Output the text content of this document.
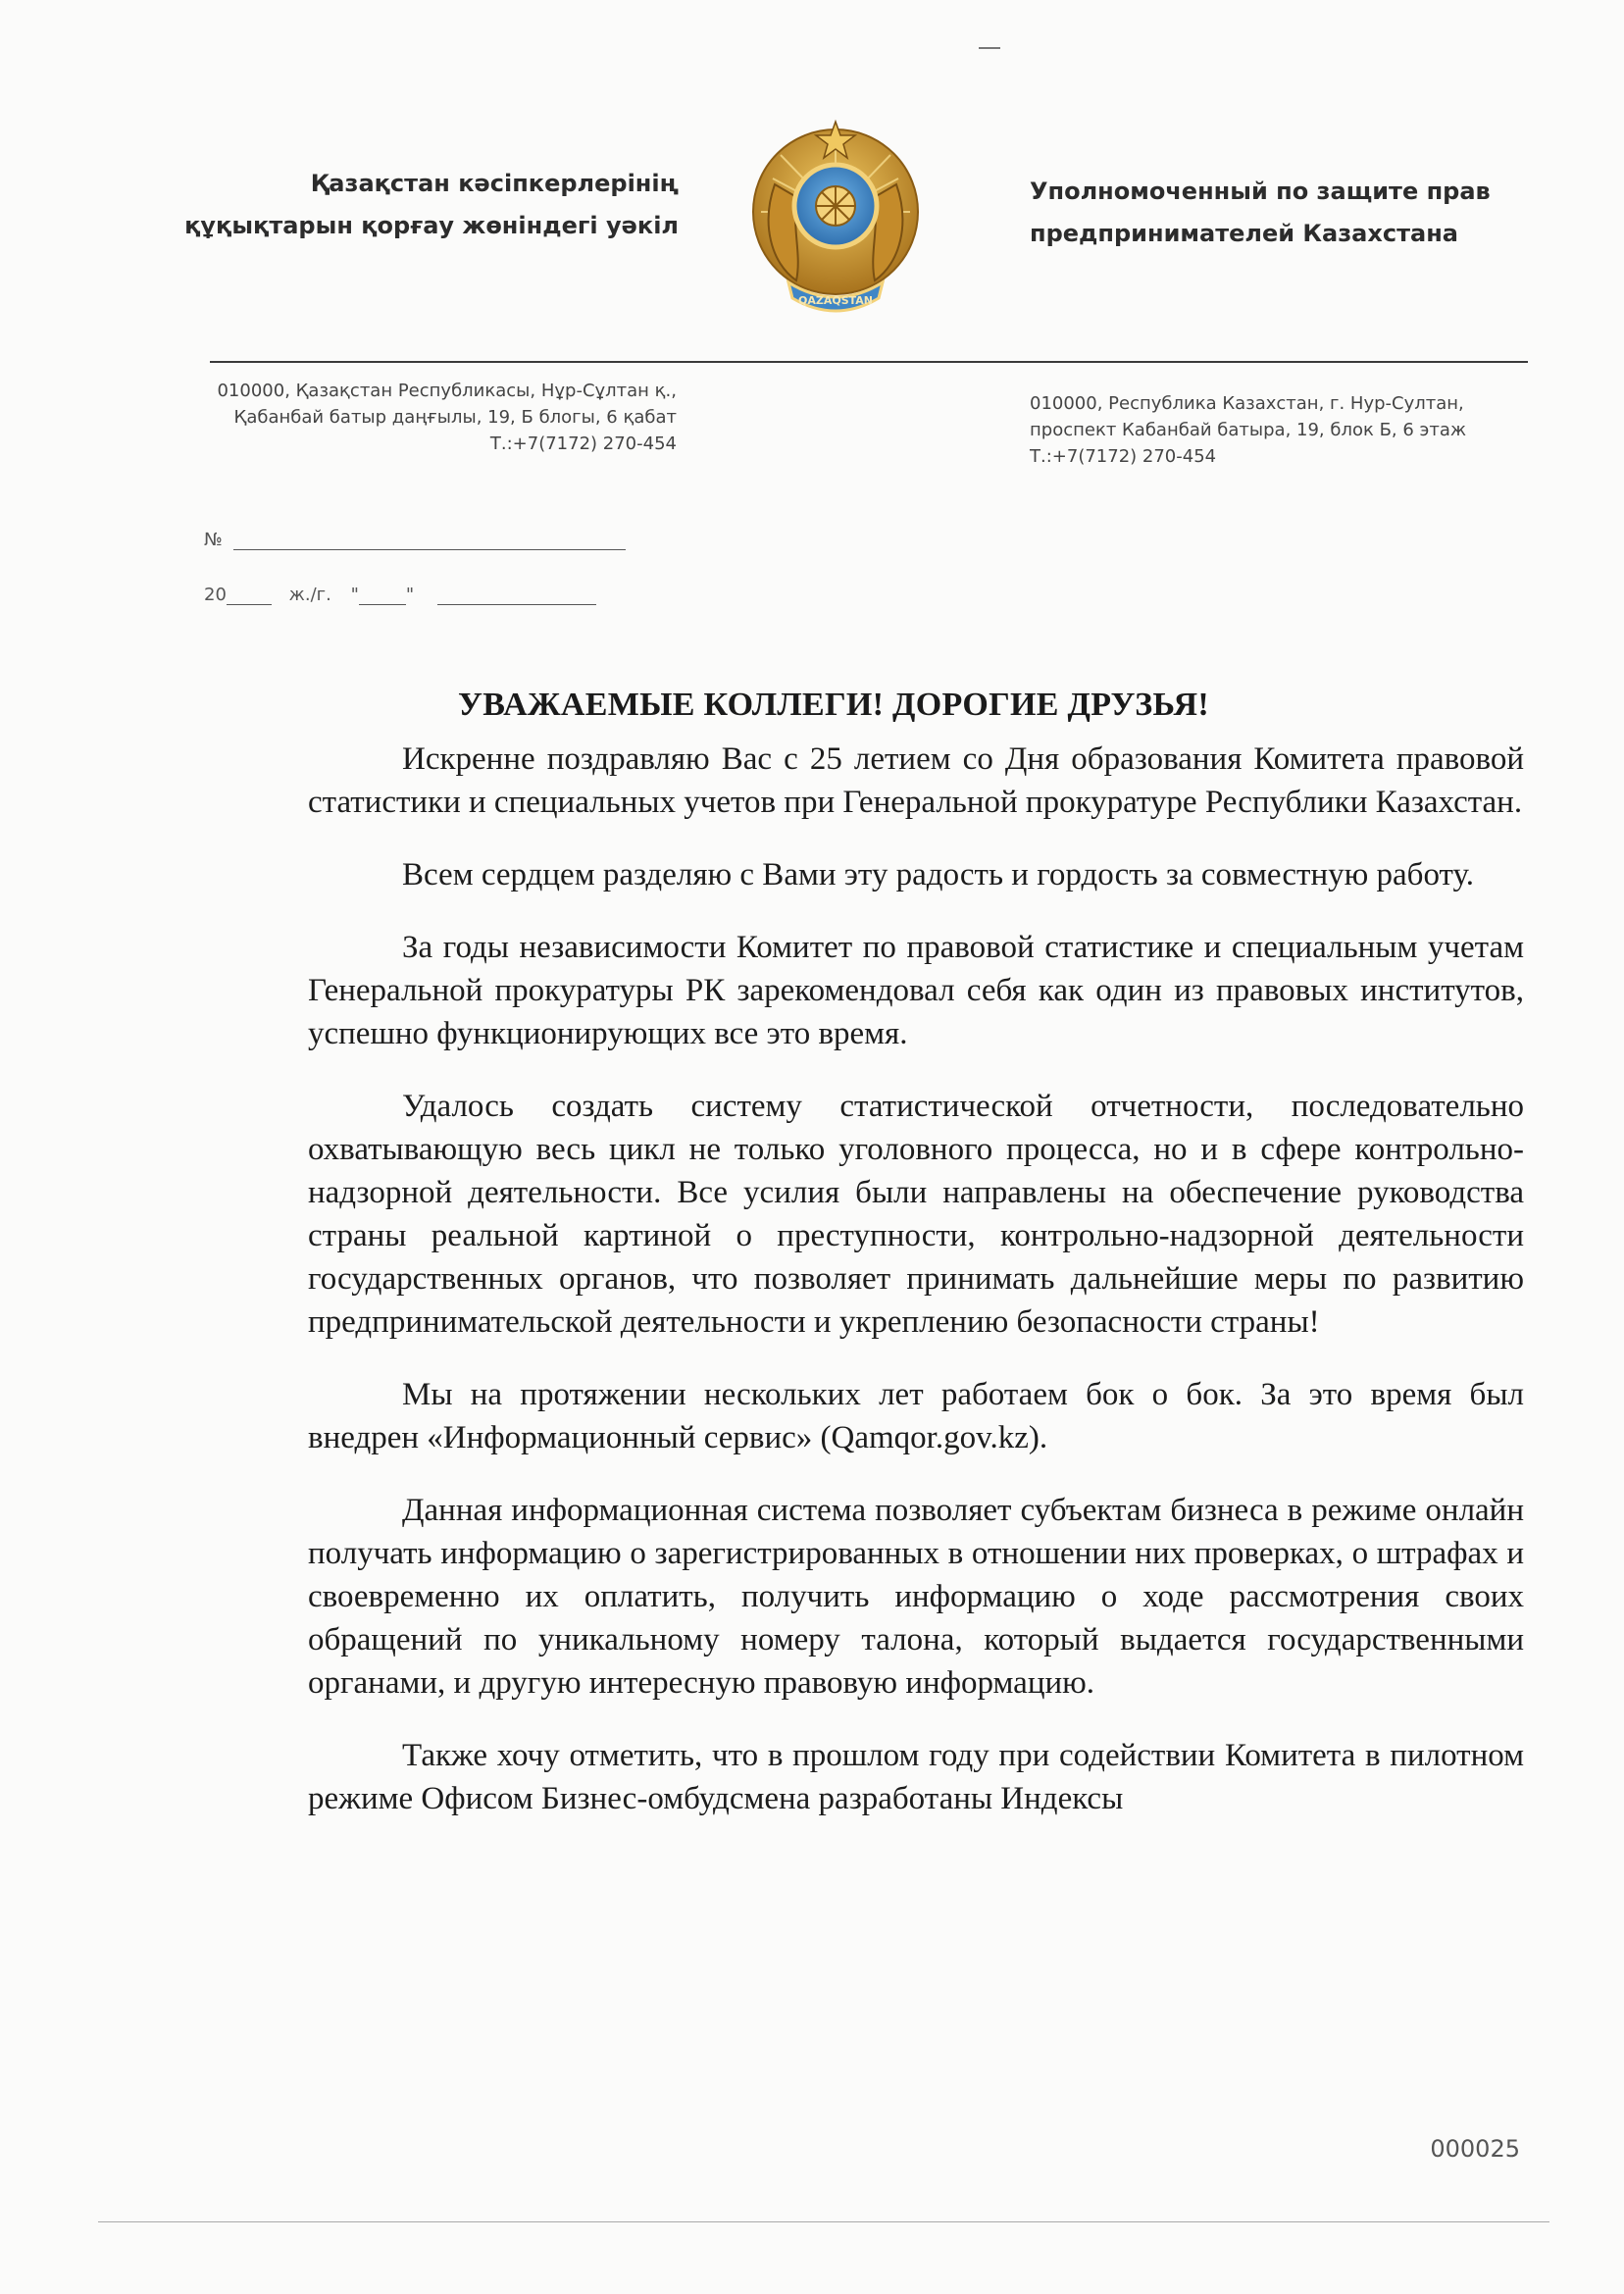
Қазақстан кәсіпкерлерінің
құқықтарын қорғау жөніндегі уәкіл
QAZAQSTAN
Уполномоченный по защите прав
предпринимателей Казахстана
010000, Қазақстан Республикасы, Нұр-Сұлтан қ.,
Қабанбай батыр даңғылы, 19, Б блогы, 6 қабат
Т.:+7(7172) 270-454
010000, Республика Казахстан, г. Нур-Султан,
проспект Кабанбай батыра, 19, блок Б, 6 этаж
Т.:+7(7172) 270-454
№
20	ж./г. "	"
УВАЖАЕМЫЕ КОЛЛЕГИ! ДОРОГИЕ ДРУЗЬЯ!

Искренне поздравляю Вас с 25 летием со Дня образования Комитета правовой статистики и специальных учетов при Генеральной прокуратуре Республики Казахстан.

Всем сердцем разделяю с Вами эту радость и гордость за совместную работу.

За годы независимости Комитет по правовой статистике и специальным учетам Генеральной прокуратуры РК зарекомендовал себя как один из правовых институтов, успешно функционирующих все это время.

Удалось создать систему статистической отчетности, последовательно охватывающую весь цикл не только уголовного процесса, но и в сфере контрольно-надзорной деятельности. Все усилия были направлены на обеспечение руководства страны реальной картиной о преступности, контрольно-надзорной деятельности государственных органов, что позволяет принимать дальнейшие меры по развитию предпринимательской деятельности и укреплению безопасности страны!

Мы на протяжении нескольких лет работаем бок о бок. За это время был внедрен «Информационный сервис» (Qamqor.gov.kz).

Данная информационная система позволяет субъектам бизнеса в режиме онлайн получать информацию о зарегистрированных в отношении них проверках, о штрафах и своевременно их оплатить, получить информацию о ходе рассмотрения своих обращений по уникальному номеру талона, который выдается государственными органами, и другую интересную правовую информацию.

Также хочу отметить, что в прошлом году при содействии Комитета в пилотном режиме Офисом Бизнес-омбудсмена разработаны Индексы

000025
